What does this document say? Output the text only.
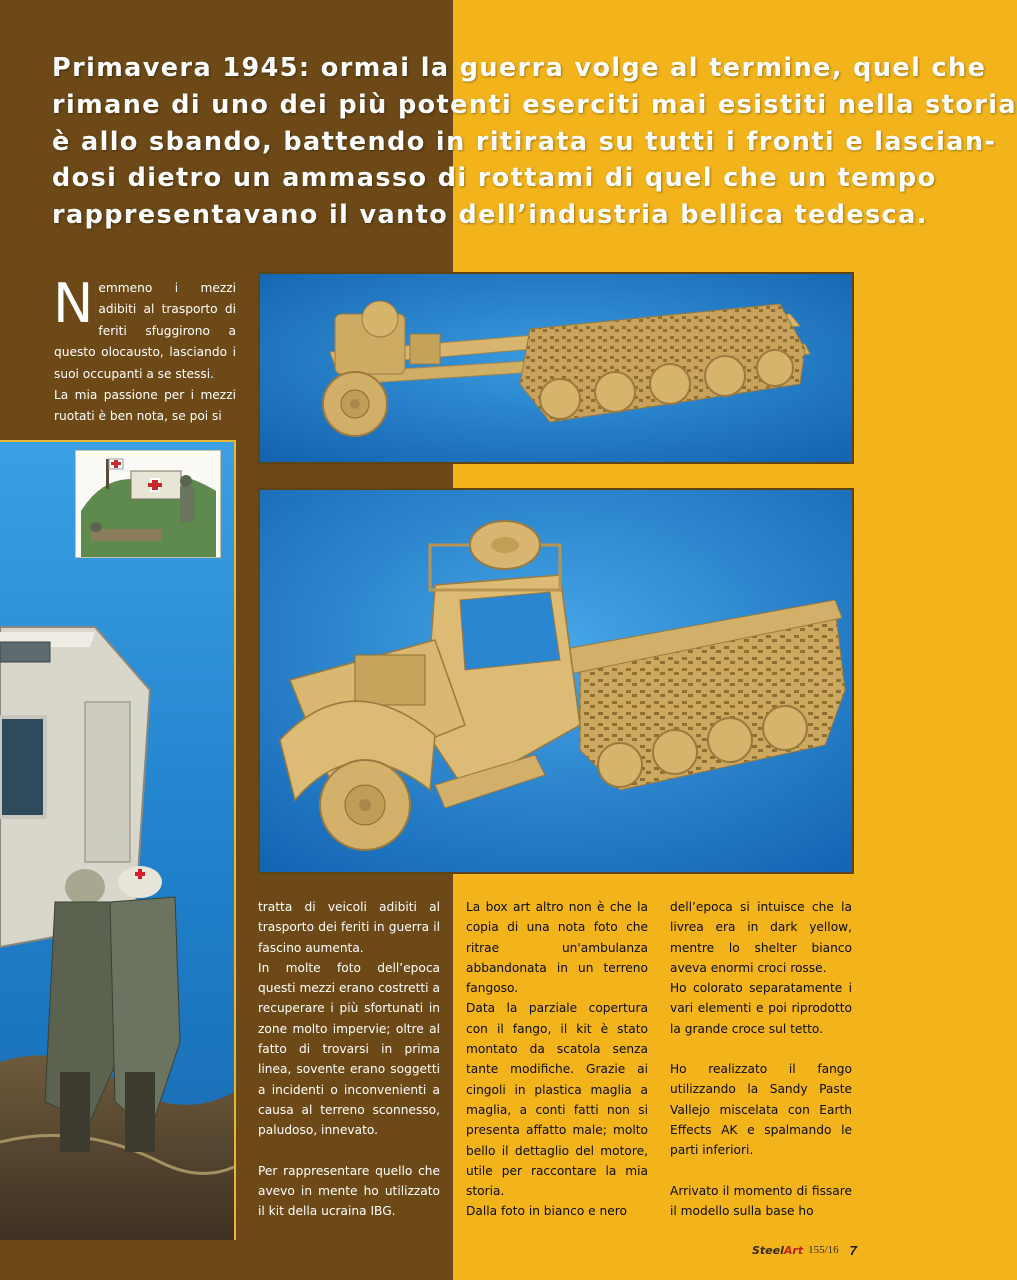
Primavera 1945: ormai la guerra volge al termine, quel che
rimane di uno dei più potenti eserciti mai esistiti nella storia
è allo sbando, battendo in ritirata su tutti i fronti e lascian-
dosi dietro un ammasso di rottami di quel che un tempo
rappresentavano il vanto dell’industria bellica tedesca.
N emmeno i mezzi adibiti al trasporto di feriti sfuggirono a questo olocausto, lasciando i suoi occupanti a se stessi.

La mia passione per i mezzi ruotati è ben nota, se poi si

tratta di veicoli adibiti al trasporto dei feriti in guerra il fascino aumenta.

In molte foto dell’epoca questi mezzi erano costretti a recuperare i più sfortunati in zone molto impervie; oltre al fatto di trovarsi in prima linea, sovente erano soggetti a incidenti o inconvenienti a causa al terreno sconnesso, paludoso, innevato.

Per rappresentare quello che avevo in mente ho utilizzato il kit della ucraina IBG.

La box art altro non è che la copia di una nota foto che ritrae un'ambulanza abbandonata in un terreno fangoso.

Data la parziale copertura con il fango, il kit è stato montato da scatola senza tante modifiche. Grazie ai cingoli in plastica maglia a maglia, a conti fatti non si presenta affatto male; molto bello il dettaglio del motore, utile per raccontare la mia storia.

Dalla foto in bianco e nero

dell’epoca si intuisce che la livrea era in dark yellow, mentre lo shelter bianco aveva enormi croci rosse.

Ho colorato separatamente i vari elementi e poi riprodotto la grande croce sul tetto.

Ho realizzato il fango utilizzando la Sandy Paste Vallejo miscelata con Earth Effects AK e spalmando le parti inferiori.

Arrivato il momento di fissare il modello sulla base ho

SteelArt 155/16 7
